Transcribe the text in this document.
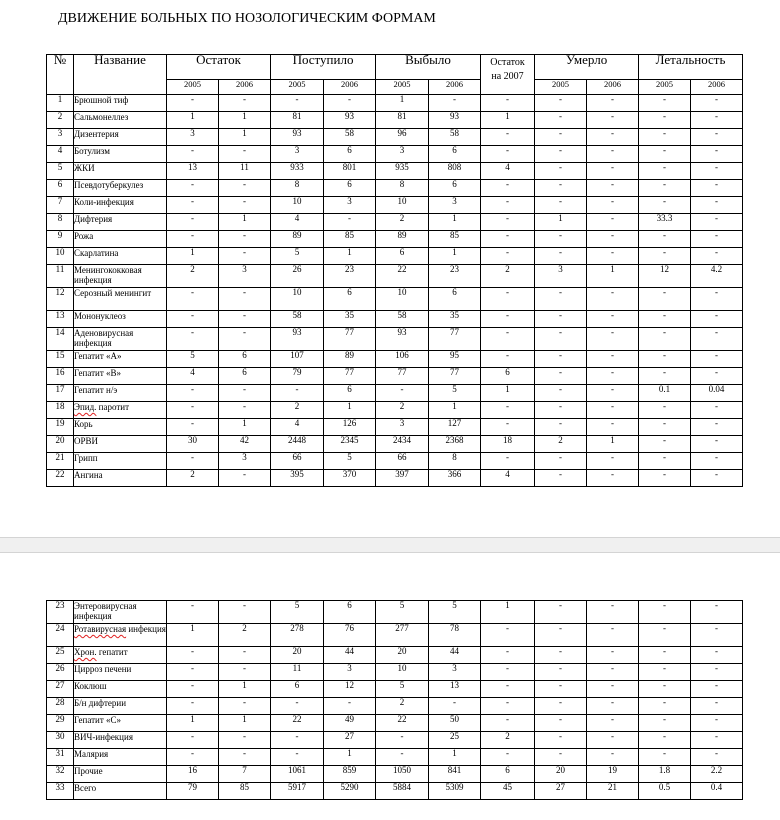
ДВИЖЕНИЕ БОЛЬНЫХ ПО НОЗОЛОГИЧЕСКИМ ФОРМАМ
№	Название	Остаток		Поступило		Выбыло		Остаток
на 2007	Умерло		Летальность	
		2005	2006	2005	2006	2005	2006		2005	2006	2005	2006
1	Брюшной тиф	-	-	-	-	1	-	-	-	-	-	-
2	Сальмонеллез	1	1	81	93	81	93	1	-	-	-	-
3	Дизентерия	3	1	93	58	96	58	-	-	-	-	-
4	Ботулизм	-	-	3	6	3	6	-	-	-	-	-
5	ЖКИ	13	11	933	801	935	808	4	-	-	-	-
6	Псевдотуберкулез	-	-	8	6	8	6	-	-	-	-	-
7	Коли-инфекция	-	-	10	3	10	3	-	-	-	-	-
8	Дифтерия	-	1	4	-	2	1	-	1	-	33.3	-
9	Рожа	-	-	89	85	89	85	-	-	-	-	-
10	Скарлатина	1	-	5	1	6	1	-	-	-	-	-
11	Менингококковая инфекция	2	3	26	23	22	23	2	3	1	12	4.2
12	Серозный менингит	-	-	10	6	10	6	-	-	-	-	-
13	Мононуклеоз	-	-	58	35	58	35	-	-	-	-	-
14	Аденовирусная инфекция	-	-	93	77	93	77	-	-	-	-	-
15	Гепатит «А»	5	6	107	89	106	95	-	-	-	-	-
16	Гепатит «В»	4	6	79	77	77	77	6	-	-	-	-
17	Гепатит н/э	-	-	-	6	-	5	1	-	-	0.1	0.04
18	Эпид. паротит	-	-	2	1	2	1	-	-	-	-	-
19	Корь	-	1	4	126	3	127	-	-	-	-	-
20	ОРВИ	30	42	2448	2345	2434	2368	18	2	1	-	-
21	Грипп	-	3	66	5	66	8	-	-	-	-	-
22	Ангина	2	-	395	370	397	366	4	-	-	-	-
23	Энтеровирусная инфекция	-	-	5	6	5	5	1	-	-	-	-
24	Ротавирусная инфекция	1	2	278	76	277	78	-	-	-	-	-
25	Хрон. гепатит	-	-	20	44	20	44	-	-	-	-	-
26	Цирроз печени	-	-	11	3	10	3	-	-	-	-	-
27	Коклюш	-	1	6	12	5	13	-	-	-	-	-
28	Б/н дифтерии	-	-	-	-	2	-	-	-	-	-	-
29	Гепатит «С»	1	1	22	49	22	50	-	-	-	-	-
30	ВИЧ-инфекция	-	-	-	27	-	25	2	-	-	-	-
31	Малярия	-	-	-	1	-	1	-	-	-	-	-
32	Прочие	16	7	1061	859	1050	841	6	20	19	1.8	2.2
33	Всего	79	85	5917	5290	5884	5309	45	27	21	0.5	0.4
